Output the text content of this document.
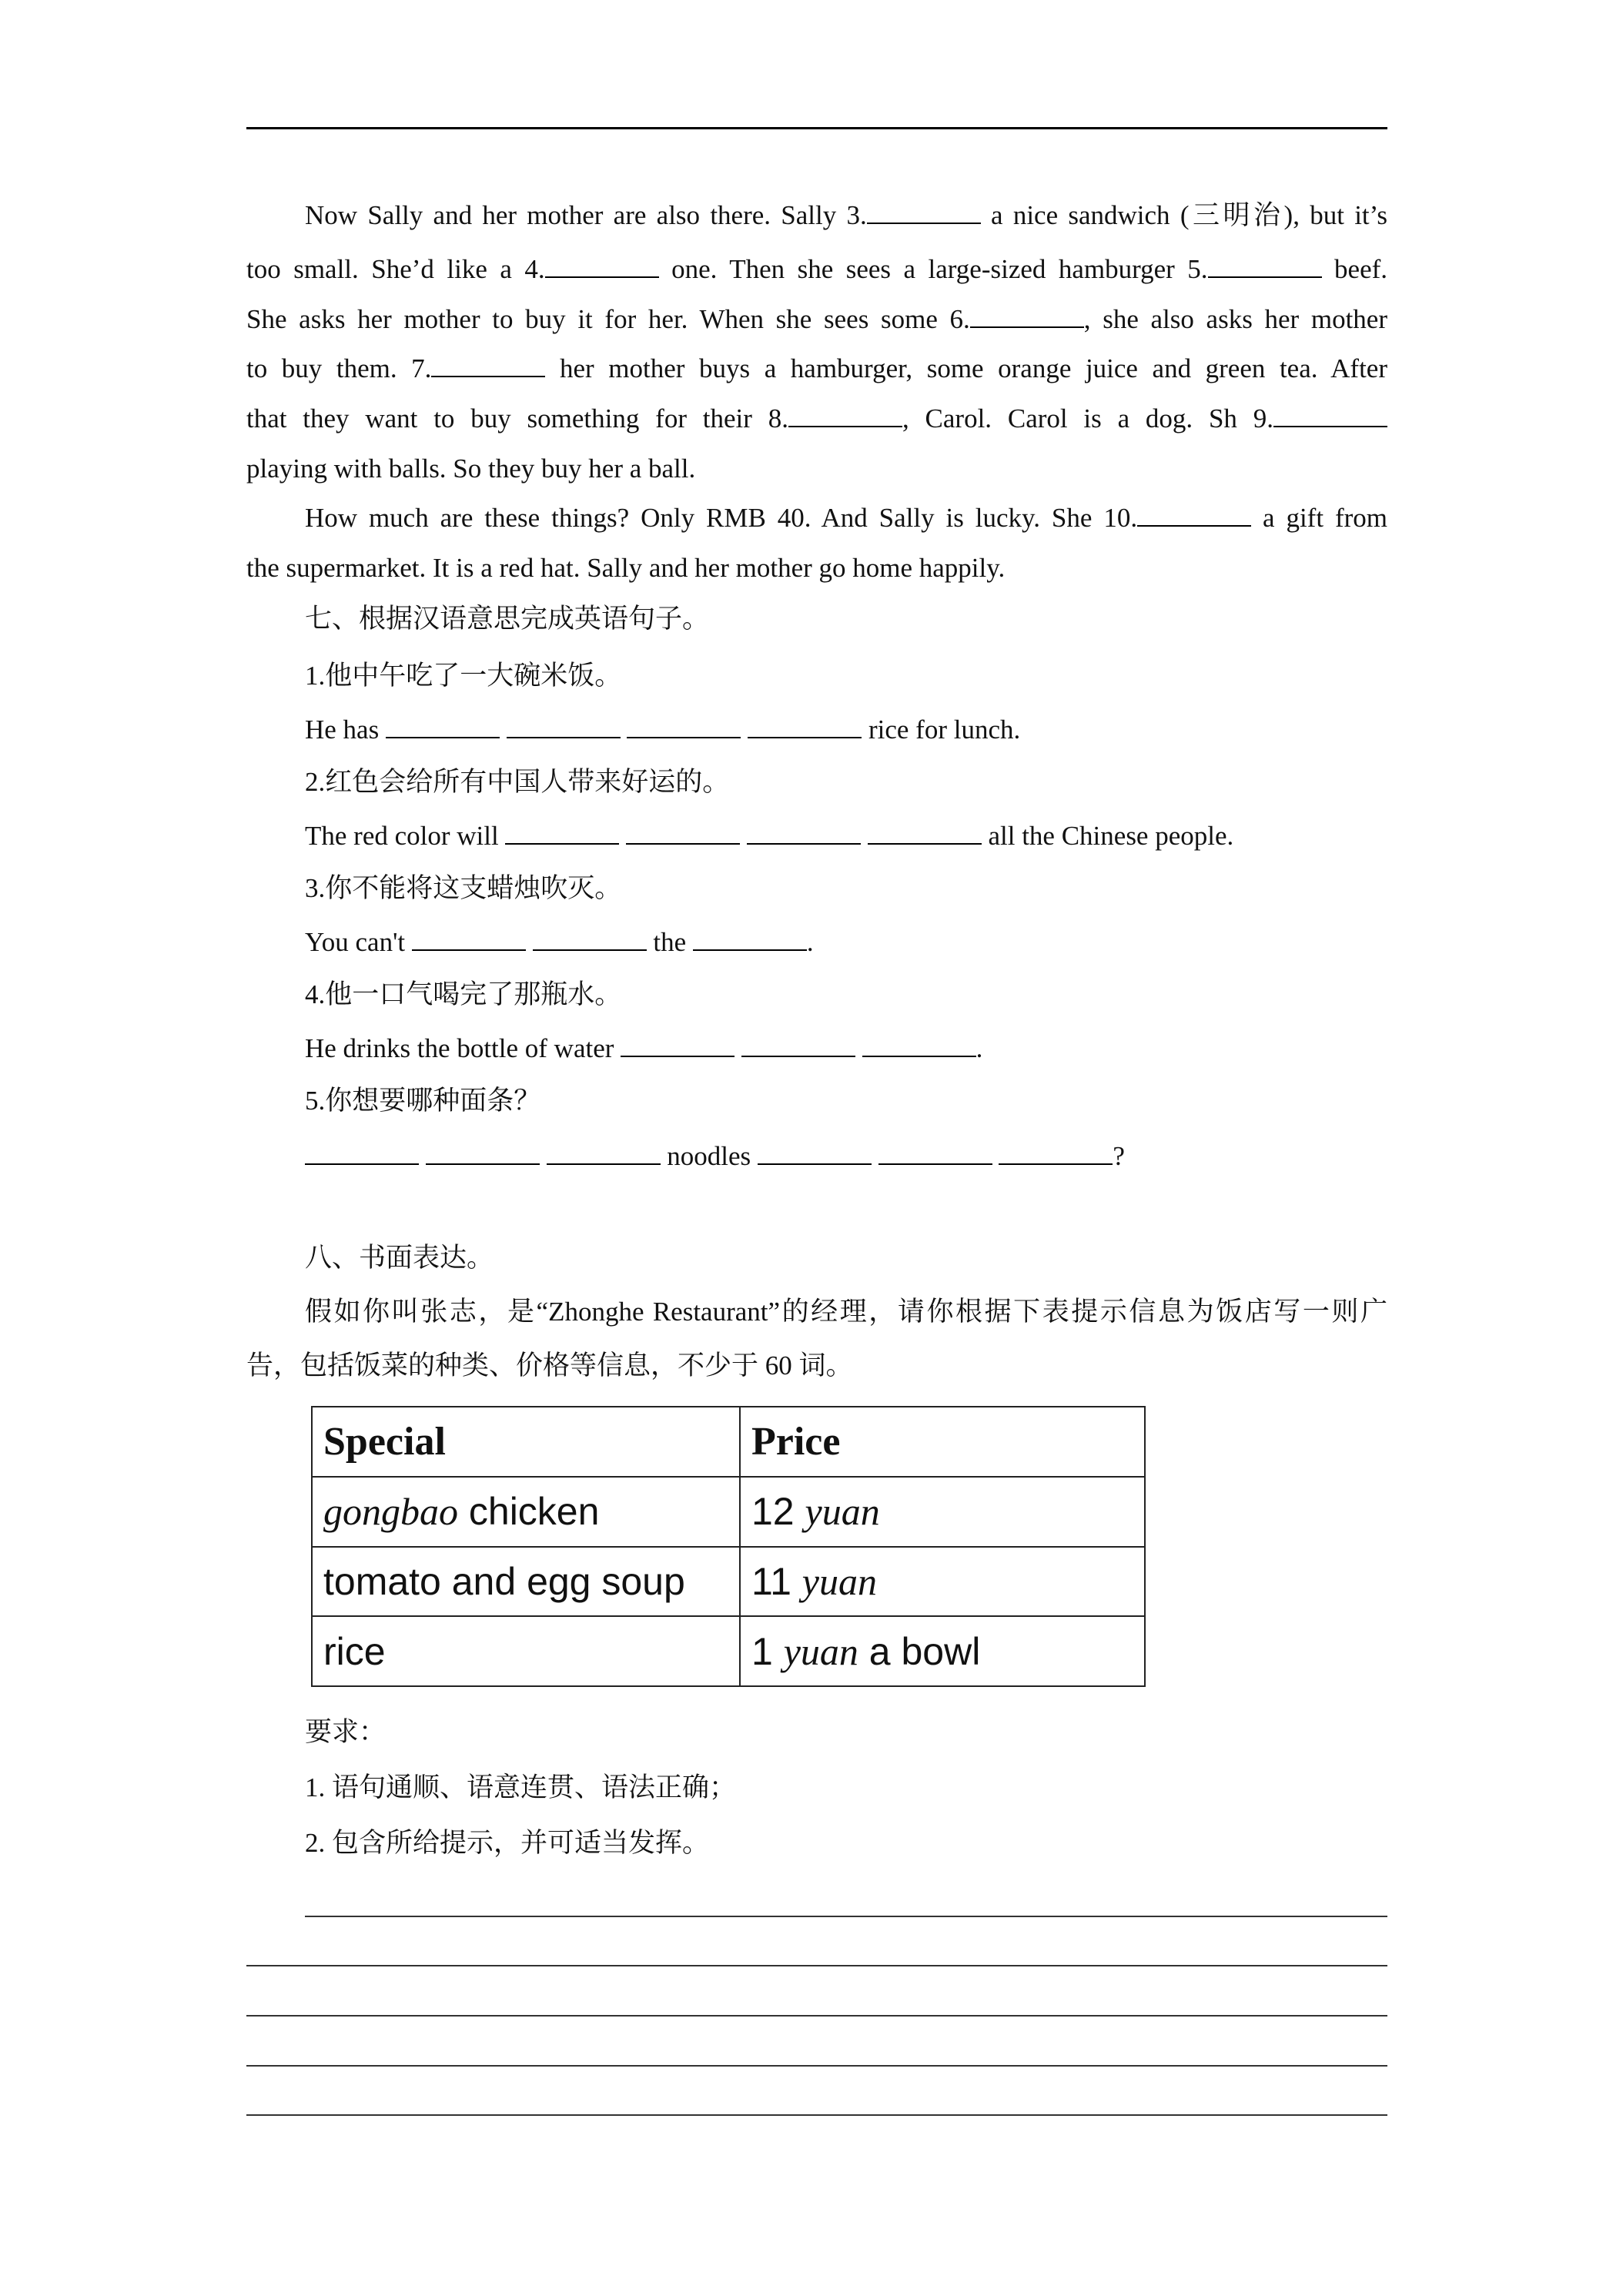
Now Sally and her mother are also there. Sally 3.	a nice sandwich (三明治), but it’s
too small. She’d like a 4.	one. Then she sees a large-sized hamburger 5.	beef.
She asks her mother to buy it for her. When she sees some 6.	, she also asks her mother
to buy them. 7.	her mother buys a hamburger, some orange juice and green tea. After
that they want to buy something for their 8.	, Carol. Carol is a dog. Sh 9.
playing with balls. So they buy her a ball.
How much are these things? Only RMB 40. And Sally is lucky. She 10.	a gift from
the supermarket. It is a red hat. Sally and her mother go home happily.
七、根据汉语意思完成英语句子。
1.他中午吃了一大碗米饭。
He has	rice for lunch.
2.红色会给所有中国人带来好运的。
The red color will	all the Chinese people.
3.你不能将这支蜡烛吹灭。
You can't	the	.
4.他一口气喝完了那瓶水。
He drinks the bottle of water	.
5.你想要哪种面条？
noodles	?
八、书面表达。
假如你叫张志，是“Zhonghe Restaurant”的经理，请你根据下表提示信息为饭店写一则广
告，包括饭菜的种类、价格等信息，不少于 60 词。
Special	Price
gongbao chicken	12 yuan
tomato and egg soup	11 yuan
rice	1 yuan a bowl
要求：
1. 语句通顺、语意连贯、语法正确；
2. 包含所给提示，并可适当发挥。
